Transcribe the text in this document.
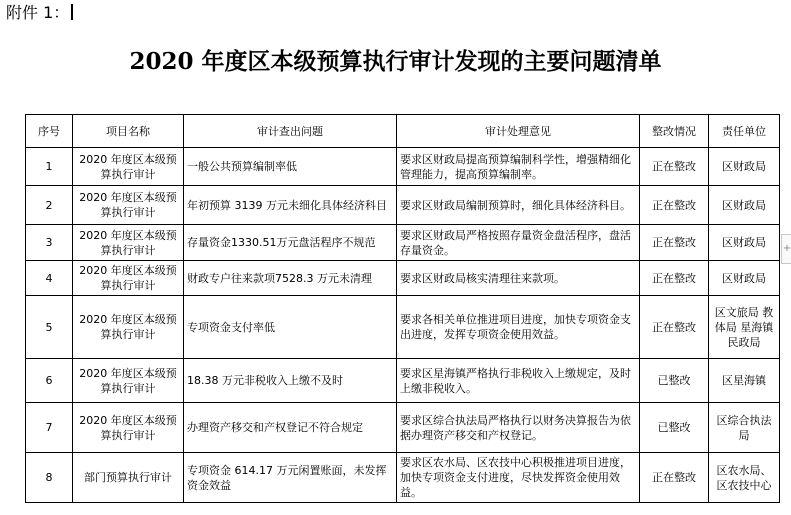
附件 1：
2020 年度区本级预算执行审计发现的主要问题清单
+
序号	项目名称	审计查出问题	审计处理意见	整改情况	责任单位
1	2020 年度区本级预算执行审计	一般公共预算编制率低	要求区财政局提高预算编制科学性，增强精细化管理能力，提高预算编制率。	正在整改	区财政局
2	2020 年度区本级预算执行审计	年初预算 3139 万元未细化具体经济科目	要求区财政局编制预算时，细化具体经济科目。	正在整改	区财政局
3	2020 年度区本级预算执行审计	存量资金1330.51万元盘活程序不规范	要求区财政局严格按照存量资金盘活程序，盘活存量资金。	正在整改	区财政局
4	2020 年度区本级预算执行审计	财政专户往来款项7528.3 万元未清理	要求区财政局核实清理往来款项。	正在整改	区财政局
5	2020 年度区本级预算执行审计	专项资金支付率低	要求各相关单位推进项目进度，加快专项资金支出进度，发挥专项资金使用效益。	正在整改	区文旅局 教体局 星海镇 民政局
6	2020 年度区本级预算执行审计	18.38 万元非税收入上缴不及时	要求区星海镇严格执行非税收入上缴规定，及时上缴非税收入。	已整改	区星海镇
7	2020 年度区本级预算执行审计	办理资产移交和产权登记不符合规定	要求区综合执法局严格执行以财务决算报告为依据办理资产移交和产权登记。	已整改	区综合执法局
8	部门预算执行审计	专项资金 614.17 万元闲置账面，未发挥资金效益	要求区农水局、区农技中心积极推进项目进度，加快专项资金支付进度，尽快发挥资金使用效益。	正在整改	区农水局、区农技中心
